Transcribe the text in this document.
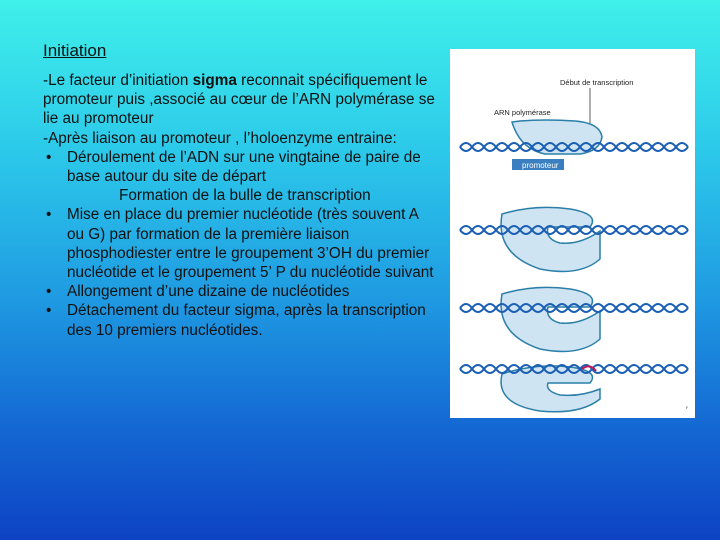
Initiation
-Le facteur d’initiation sigma reconnait spécifiquement le promoteur puis ,associé au cœur de l’ARN polymérase se lie au promoteur
-Après liaison au promoteur , l’holoenzyme entraine:
• Déroulement de l’ADN sur une vingtaine de paire de base autour du site de départ
Formation de la bulle de transcription
• Mise en place du premier nucléotide (très souvent A ou G) par formation de la première liaison phosphodiester entre le groupement 3’OH du premier nucléotide et le groupement 5’ P du nucléotide suivant
• Allongement d’une dizaine de nucléotides
• Détachement du facteur sigma, après la transcription des 10 premiers nucléotides.
Début de transcription
ARN polymérase
promoteur
′
